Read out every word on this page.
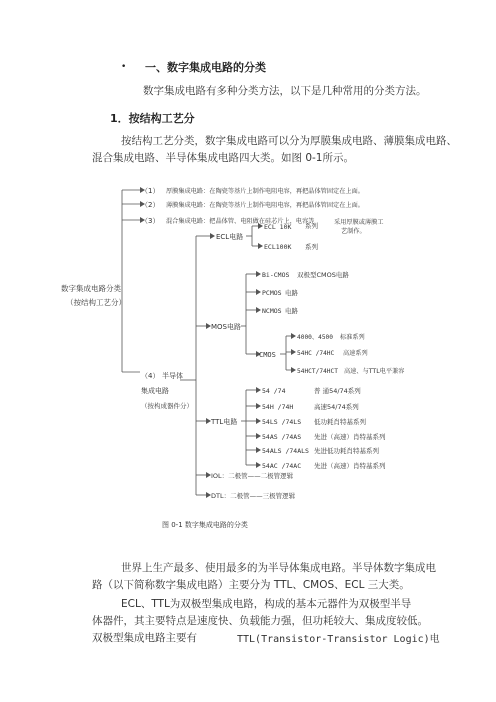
• 一、数字集成电路的分类
数字集成电路有多种分类方法，以下是几种常用的分类方法。
1．按结构工艺分
按结构工艺分类，数字集成电路可以分为厚膜集成电路、薄膜集成电路、
混合集成电路、半导体集成电路四大类。如图 0-1所示。
数字集成电路分类
（按结构工艺分）
（1） 厚膜集成电路：在陶瓷等基片上制作电阻电容，再把晶体管固定在上面。
（2） 薄膜集成电路：在陶瓷等基片上制作电阻电容，再把晶体管固定在上面。
（3） 混合集成电路：把晶体管、电阻做在硅芯片上，电容等	采用厚膜或薄膜工
艺制作。
（4） 半导体
集成电路
（按构成器件分）
ECL电路
ECL 10K 系列
ECL100K 系列
MOS电路
Bi-CMOS 双极型CMOS电路
PCMOS 电路
NCMOS 电路
CMOS
4000、4500 标准系列
54HC /74HC 高速系列
54HCT/74HCT 高速、与TTL电平兼容
TTL电路
54 /74	普 通54/74系列
54H /74H	高速54/74系列
54LS /74LS 低功耗肖特基系列
54AS /74AS 先进（高速）肖特基系列
54ALS /74ALS 先进低功耗肖特基系列
54AC /74AC 先进（高速）肖特基系列
IOL：二极管——二极管逻辑
DTL：二极管——三极管逻辑
图 0-1 数字集成电路的分类
世界上生产最多、使用最多的为半导体集成电路。半导体数字集成电
路（以下简称数字集成电路）主要分为 TTL、CMOS、ECL 三大类。
ECL、TTL为双极型集成电路，构成的基本元器件为双极型半导
体器件，其主要特点是速度快、负载能力强，但功耗较大、集成度较低。
双极型集成电路主要有	TTL(Transistor-Transistor Logic)电
